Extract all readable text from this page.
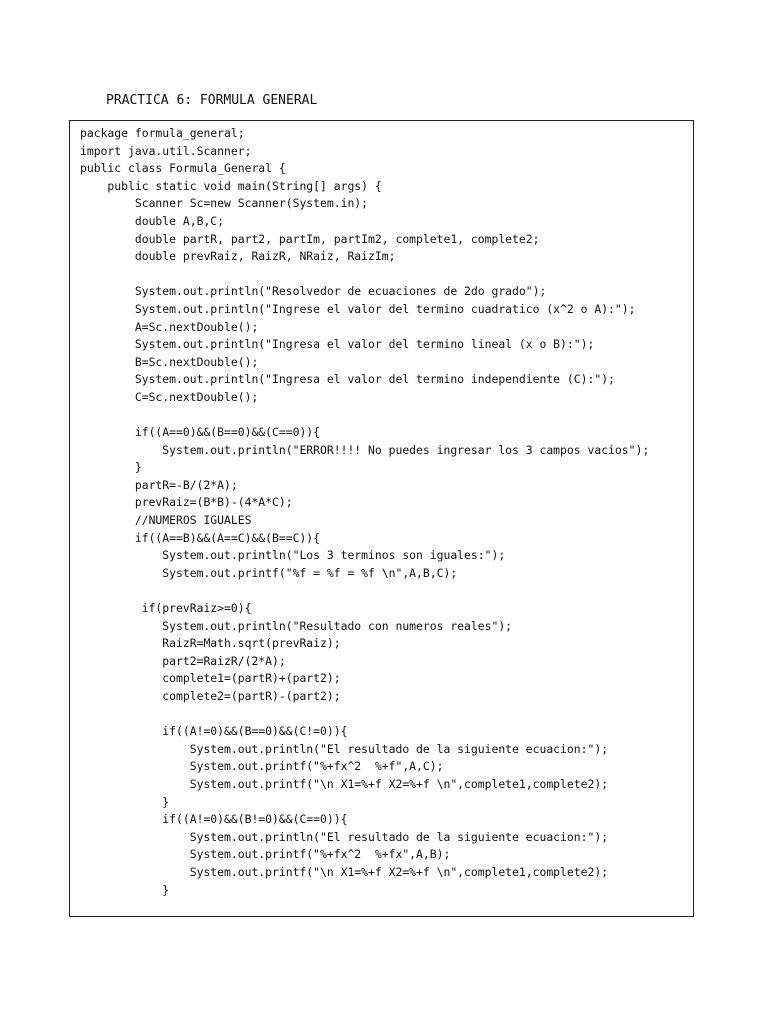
PRACTICA 6: FORMULA GENERAL
package formula_general;
import java.util.Scanner;
public class Formula_General {
public static void main(String[] args) {
Scanner Sc=new Scanner(System.in);
double A,B,C;
double partR, part2, partIm, partIm2, complete1, complete2;
double prevRaiz, RaizR, NRaiz, RaizIm;
System.out.println("Resolvedor de ecuaciones de 2do grado");
System.out.println("Ingrese el valor del termino cuadratico (x^2 o A):");
A=Sc.nextDouble();
System.out.println("Ingresa el valor del termino lineal (x o B):");
B=Sc.nextDouble();
System.out.println("Ingresa el valor del termino independiente (C):");
C=Sc.nextDouble();
if((A==0)&&(B==0)&&(C==0)){
System.out.println("ERROR!!!! No puedes ingresar los 3 campos vacios");
}
partR=-B/(2*A);
prevRaiz=(B*B)-(4*A*C);
//NUMEROS IGUALES
if((A==B)&&(A==C)&&(B==C)){
System.out.println("Los 3 terminos son iguales:");
System.out.printf("%f = %f = %f \n",A,B,C);
if(prevRaiz>=0){
System.out.println("Resultado con numeros reales");
RaizR=Math.sqrt(prevRaiz);
part2=RaizR/(2*A);
complete1=(partR)+(part2);
complete2=(partR)-(part2);
if((A!=0)&&(B==0)&&(C!=0)){
System.out.println("El resultado de la siguiente ecuacion:");
System.out.printf("%+fx^2  %+f",A,C);
System.out.printf("\n X1=%+f X2=%+f \n",complete1,complete2);
}
if((A!=0)&&(B!=0)&&(C==0)){
System.out.println("El resultado de la siguiente ecuacion:");
System.out.printf("%+fx^2  %+fx",A,B);
System.out.printf("\n X1=%+f X2=%+f \n",complete1,complete2);
}
